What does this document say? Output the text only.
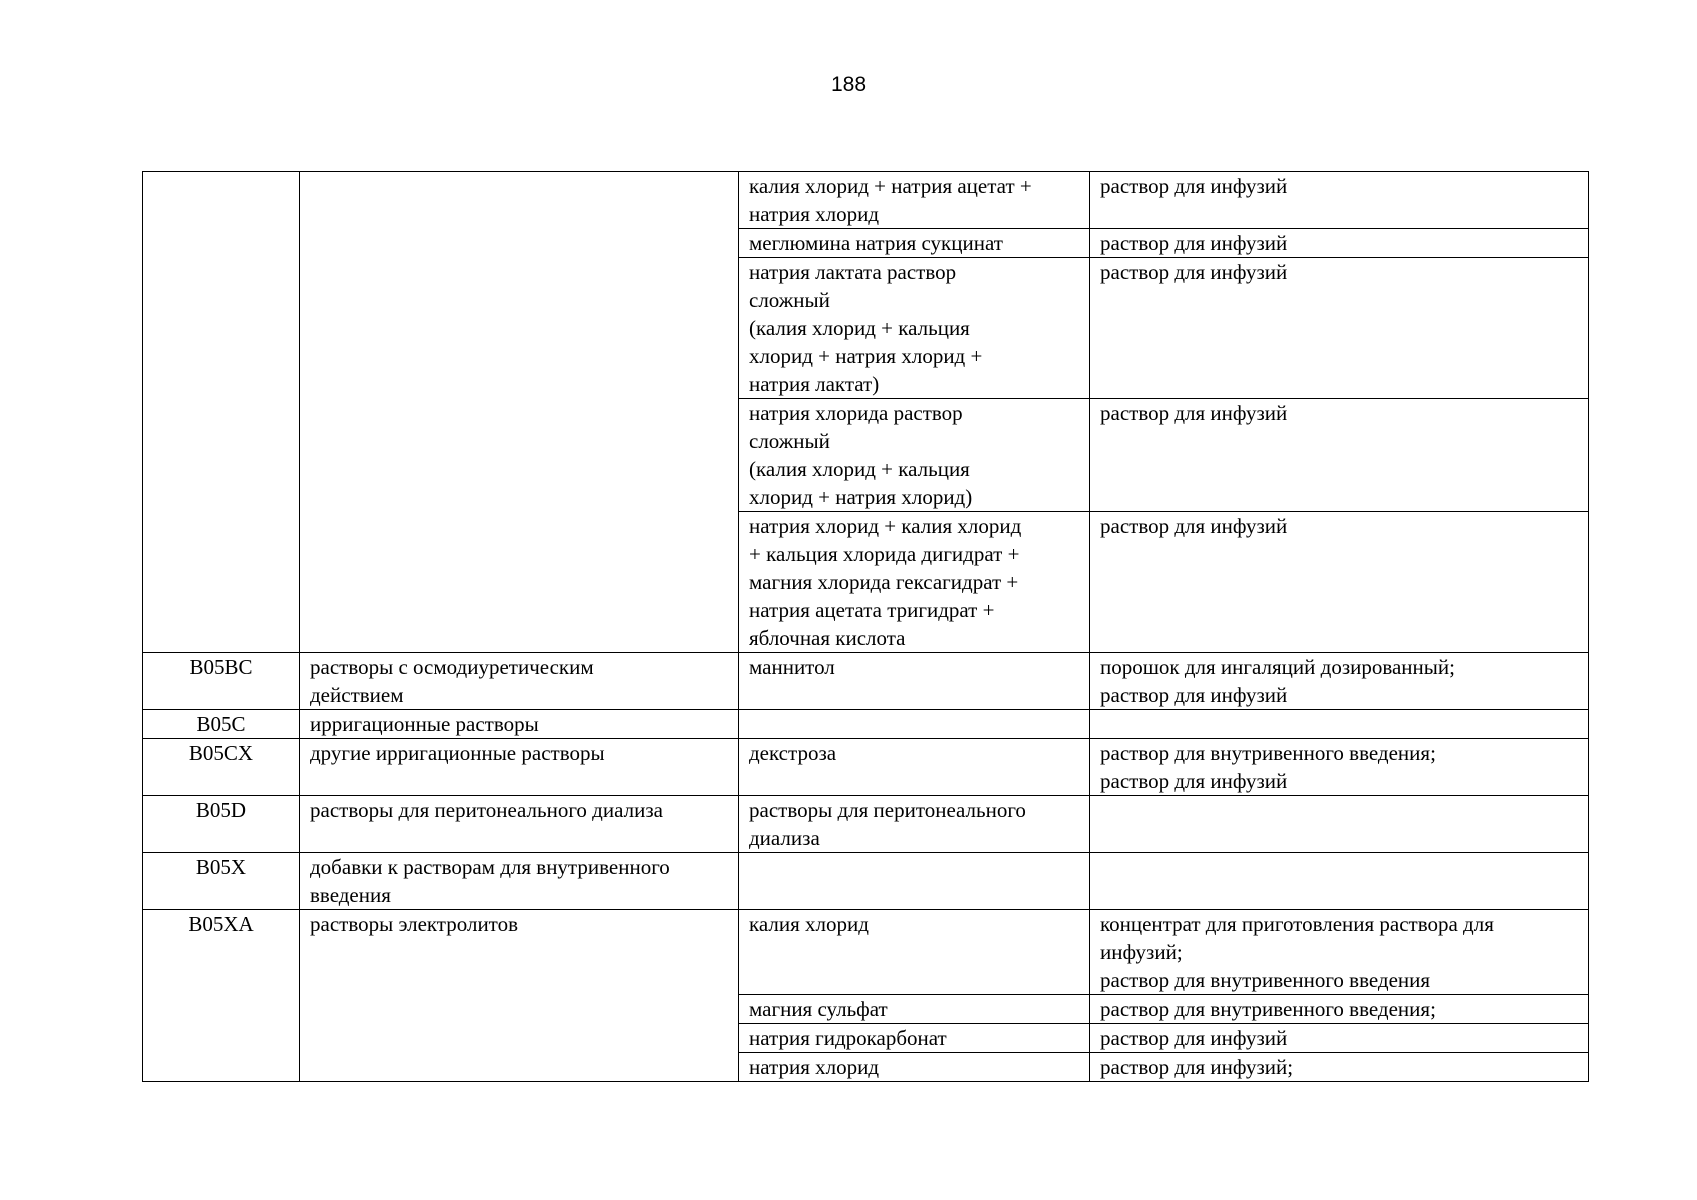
188

		калия хлорид + натрия ацетат +
натрия хлорид	раствор для инфузий

		меглюмина натрия сукцинат	раствор для инфузий

		натрия лактата раствор
сложный
(калия хлорид + кальция
хлорид + натрия хлорид +
натрия лактат)	раствор для инфузий

		натрия хлорида раствор
сложный
(калия хлорид + кальция
хлорид + натрия хлорид)	раствор для инфузий

		натрия хлорид + калия хлорид
+ кальция хлорида дигидрат +
магния хлорида гексагидрат +
натрия ацетата тригидрат +
яблочная кислота	раствор для инфузий

B05BC	растворы с осмодиуретическим
действием	маннитол	порошок для ингаляций дозированный;
раствор для инфузий

B05C	ирригационные растворы		

B05CX	другие ирригационные растворы	декстроза	раствор для внутривенного введения;
раствор для инфузий

B05D	растворы для перитонеального диализа	растворы для перитонеального
диализа	

B05X	добавки к растворам для внутривенного
введения		

B05XA	растворы электролитов	калия хлорид	концентрат для приготовления раствора для
инфузий;
раствор для внутривенного введения

		магния сульфат	раствор для внутривенного введения;

		натрия гидрокарбонат	раствор для инфузий

		натрия хлорид	раствор для инфузий;
